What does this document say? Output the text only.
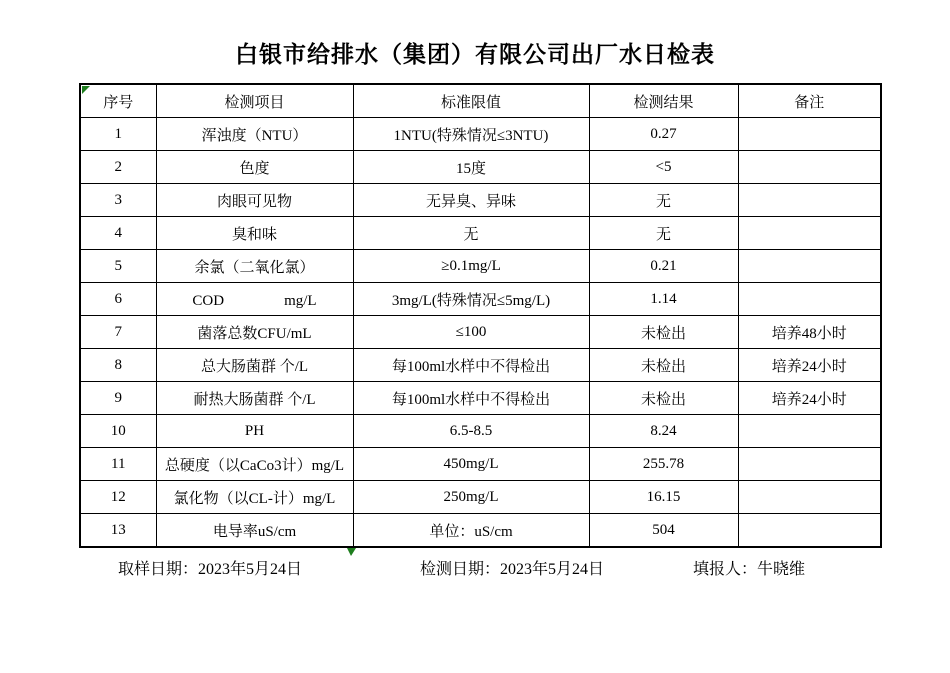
白银市给排水（集团）有限公司出厂水日检表
序号	检测项目	标准限值	检测结果	备注
1	浑浊度（NTU）	1NTU(特殊情况≤3NTU)	0.27	
2	色度	15度	<5	
3	肉眼可见物	无异臭、异味	无	
4	臭和味	无	无	
5	余氯（二氧化氯）	≥0.1mg/L	0.21	
6	COD　　　　mg/L	3mg/L(特殊情况≤5mg/L)	1.14	
7	菌落总数CFU/mL	≤100	未检出	培养48小时
8	总大肠菌群 个/L	每100ml水样中不得检出	未检出	培养24小时
9	耐热大肠菌群 个/L	每100ml水样中不得检出	未检出	培养24小时
10	PH	6.5-8.5	8.24	
11	总硬度（以CaCo3计）mg/L	450mg/L	255.78	
12	氯化物（以CL-计）mg/L	250mg/L	16.15	
13	电导率uS/cm	单位：uS/cm	504	
取样日期：2023年5月24日	检测日期：2023年5月24日	填报人：牛晓维
